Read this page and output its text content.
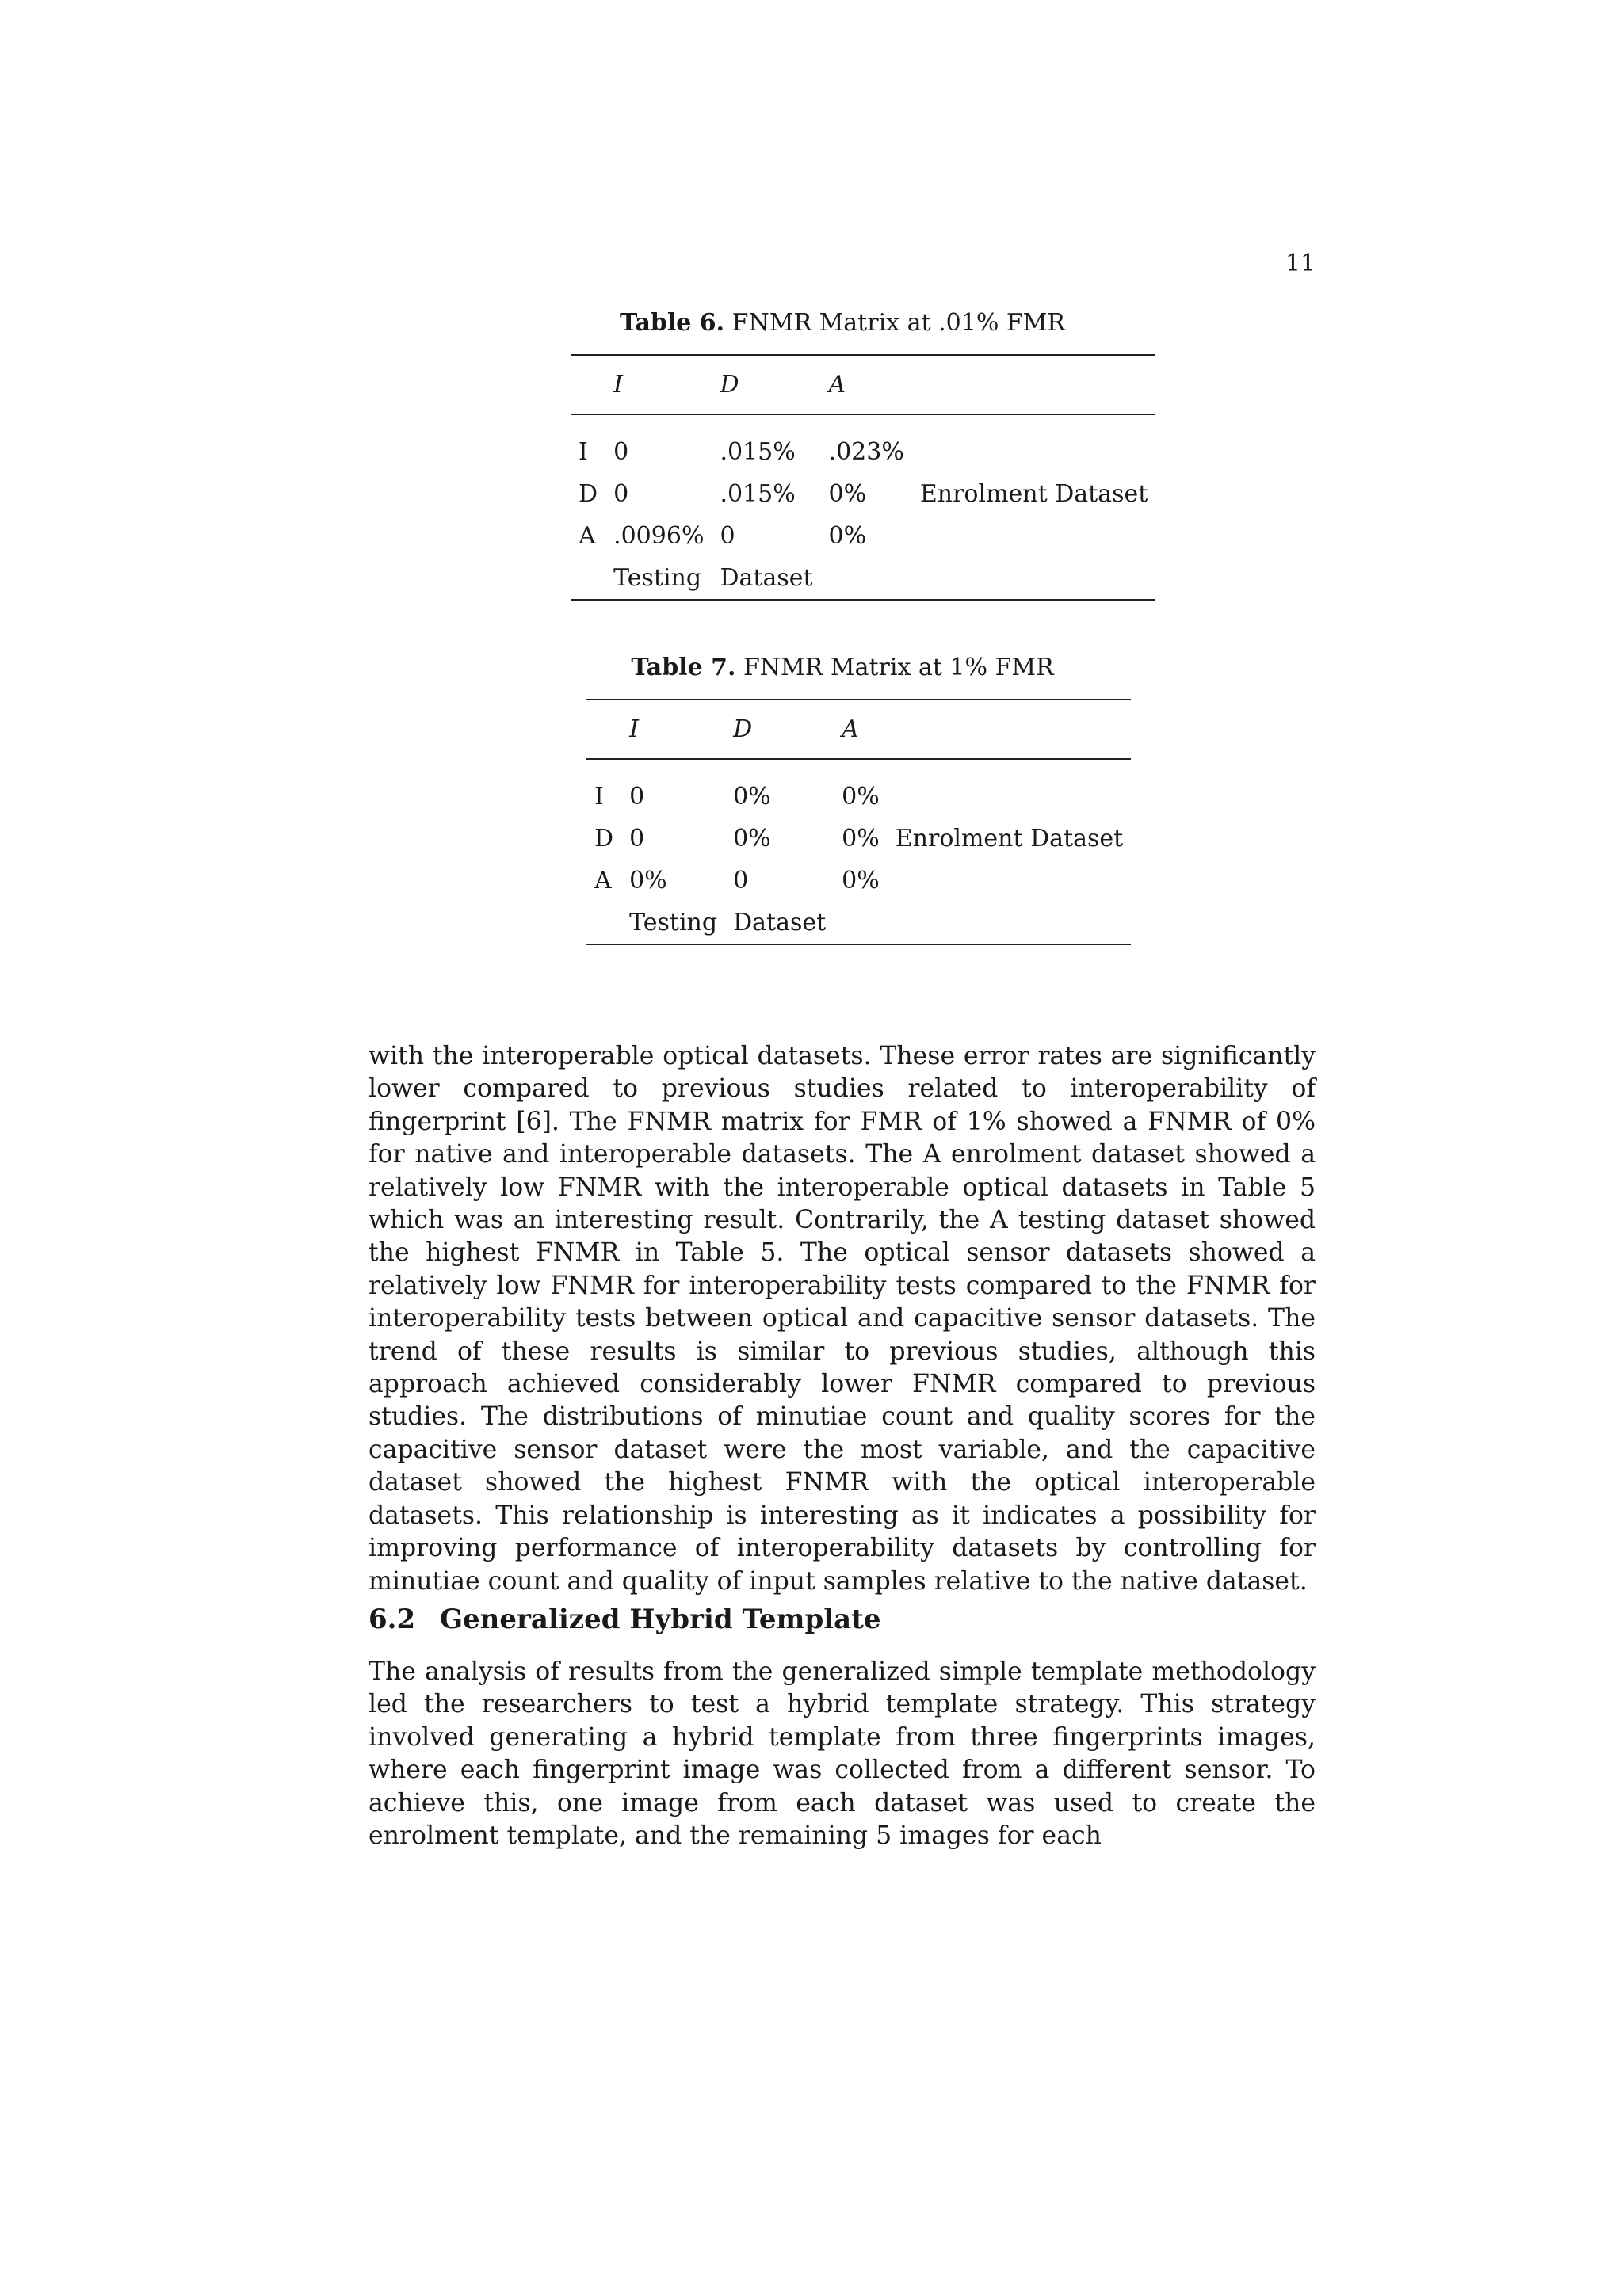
11
Table 6. FNMR Matrix at .01% FMR
	I	D	A	
I	0	.015%	.023%	
D	0	.015%	0%	Enrolment Dataset
A	.0096%	0	0%	
	Testing	Dataset		
Table 7. FNMR Matrix at 1% FMR
	I	D	A	
I	0	0%	0%	
D	0	0%	0%	Enrolment Dataset
A	0%	0	0%	
	Testing	Dataset		

with the interoperable optical datasets. These error rates are significantly lower compared to previous studies related to interoperability of fingerprint [6]. The FNMR matrix for FMR of 1% showed a FNMR of 0% for native and interoperable datasets. The A enrolment dataset showed a relatively low FNMR with the interoperable optical datasets in Table 5 which was an interesting result. Contrarily, the A testing dataset showed the highest FNMR in Table 5. The optical sensor datasets showed a relatively low FNMR for interoperability tests compared to the FNMR for interoperability tests between optical and capacitive sensor datasets. The trend of these results is similar to previous studies, although this approach achieved considerably lower FNMR compared to previous studies. The distributions of minutiae count and quality scores for the capacitive sensor dataset were the most variable, and the capacitive dataset showed the highest FNMR with the optical interoperable datasets. This relationship is interesting as it indicates a possibility for improving performance of interoperability datasets by controlling for minutiae count and quality of input samples relative to the native dataset.

6.2 Generalized Hybrid Template

The analysis of results from the generalized simple template methodology led the researchers to test a hybrid template strategy. This strategy involved generating a hybrid template from three fingerprints images, where each fingerprint image was collected from a different sensor. To achieve this, one image from each dataset was used to create the enrolment template, and the remaining 5 images for each
